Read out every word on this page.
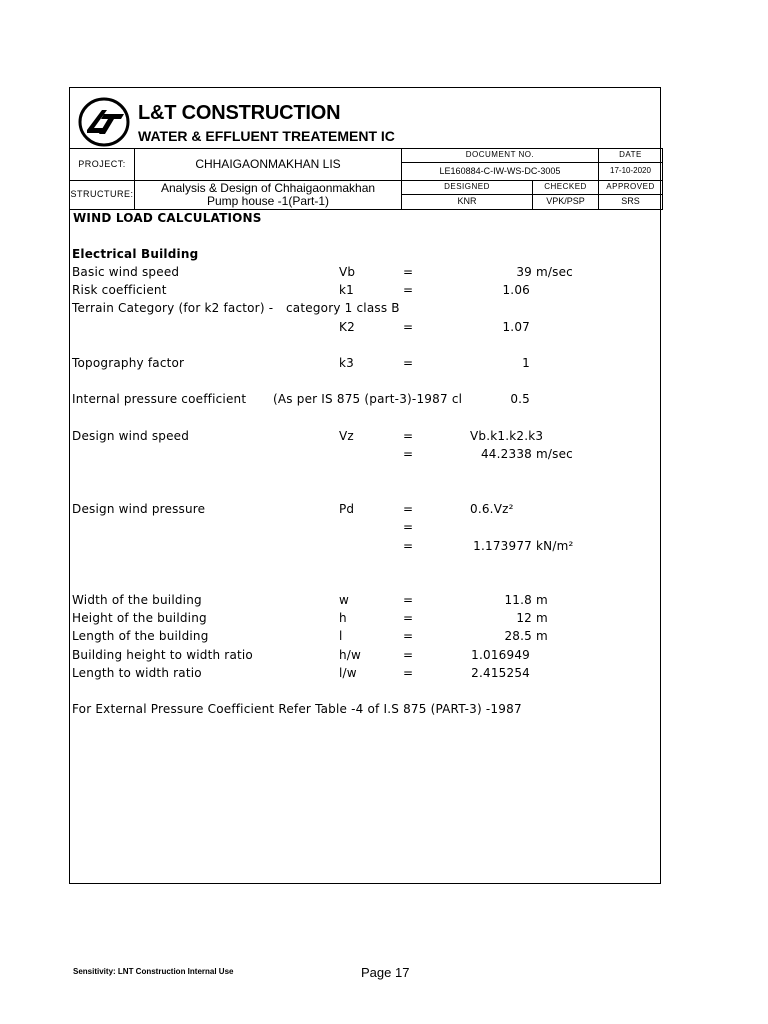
L&T CONSTRUCTION
WATER & EFFLUENT TREATEMENT IC
PROJECT:	CHHAIGAONMAKHAN LIS
DOCUMENT NO.	DATE
LE160884-C-IW-WS-DC-3005	17-10-2020
STRUCTURE: Analysis & Design of Chhaigaonmakhan
Pump house -1(Part-1)
DESIGNED	CHECKED	APPROVED
KNR	VPK/PSP	SRS
WIND LOAD CALCULATIONS
Electrical Building
Basic wind speed	Vb	=	39 m/sec
Risk coefficient	k1	=	1.06
Terrain Category (for k2 factor) - category 1 class B
K2	=	1.07
Topography factor	k3	=	1
Internal pressure coefficient (As per IS 875 (part-3)-1987 cl	0.5
Design wind speed	Vz	=	Vb.k1.k2.k3
=	44.2338 m/sec
Design wind pressure	Pd	=	0.6.Vz²
=
=	1.173977 kN/m²
Width of the building	w	=	11.8 m
Height of the building	h	=	12 m
Length of the building	l	=	28.5 m
Building height to width ratio	h/w	=	1.016949
Length to width ratio	l/w	=	2.415254
For External Pressure Coefficient Refer Table -4 of I.S 875 (PART-3) -1987
Sensitivity: LNT Construction Internal Use	Page 17
